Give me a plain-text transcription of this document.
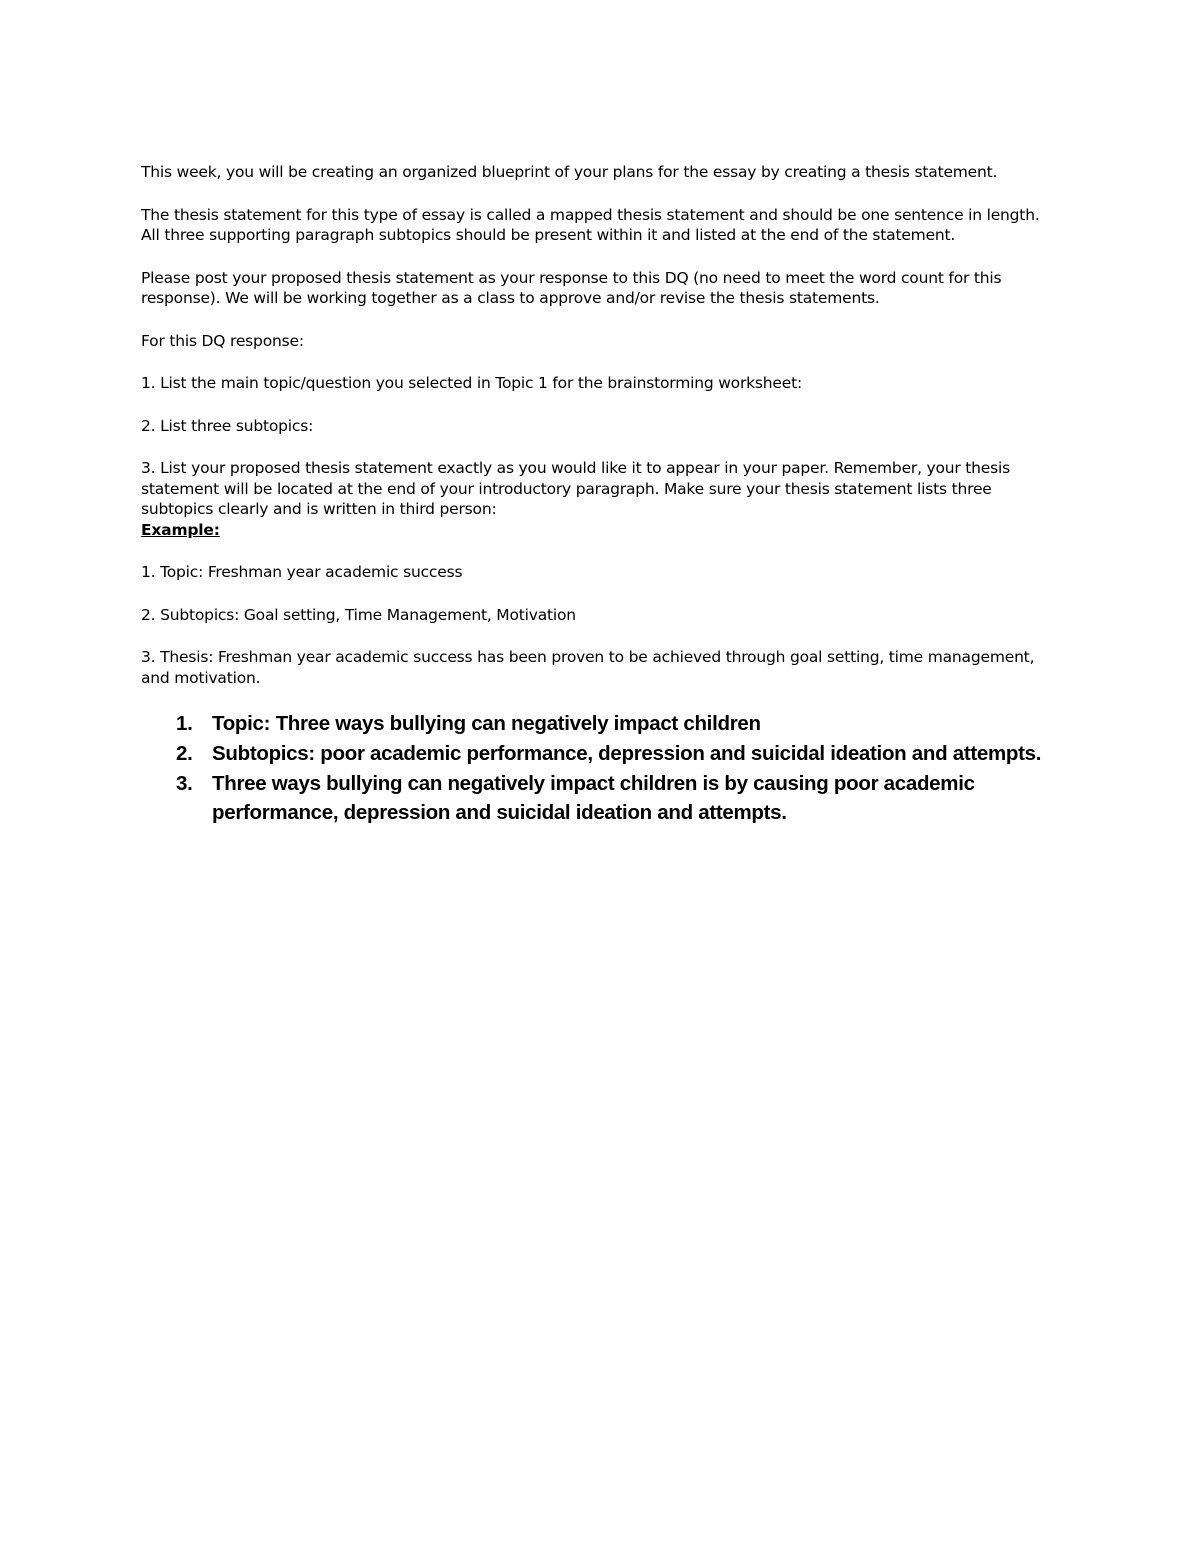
This week, you will be creating an organized blueprint of your plans for the essay by creating a thesis statement.

The thesis statement for this type of essay is called a mapped thesis statement and should be one sentence in length. All three supporting paragraph subtopics should be present within it and listed at the end of the statement.

Please post your proposed thesis statement as your response to this DQ (no need to meet the word count for this response). We will be working together as a class to approve and/or revise the thesis statements.

For this DQ response:

1. List the main topic/question you selected in Topic 1 for the brainstorming worksheet:

2. List three subtopics:

3. List your proposed thesis statement exactly as you would like it to appear in your paper. Remember, your thesis statement will be located at the end of your introductory paragraph. Make sure your thesis statement lists three subtopics clearly and is written in third person:

Example:

1. Topic: Freshman year academic success

2. Subtopics: Goal setting, Time Management, Motivation

3. Thesis: Freshman year academic success has been proven to be achieved through goal setting, time management, and motivation.

1. Topic: Three ways bullying can negatively impact children
2. Subtopics: poor academic performance, depression and suicidal ideation and attempts.
3. Three ways bullying can negatively impact children is by causing poor academic performance, depression and suicidal ideation and attempts.
